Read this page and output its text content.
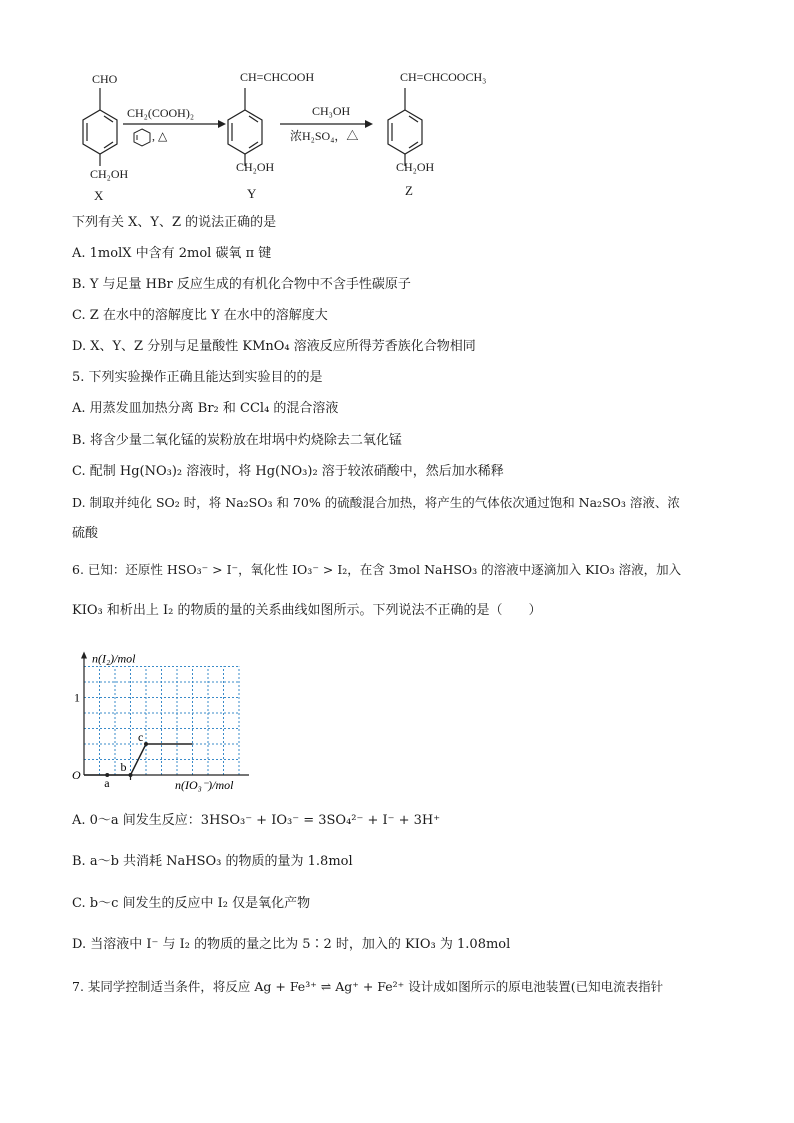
CHO
CH₂OH
X
CH₂(COOH)₂
, △
CH=CHCOOH
CH₂OH
Y
CH₃OH
浓H₂SO₄，△
CH=CHCOOCH₃
CH₂OH
Z
下列有关 X、Y、Z 的说法正确的是
A. 1molX 中含有 2mol 碳氧 π 键
B. Y 与足量 HBr 反应生成的有机化合物中不含手性碳原子
C. Z 在水中的溶解度比 Y 在水中的溶解度大
D. X、Y、Z 分别与足量酸性 KMnO₄ 溶液反应所得芳香族化合物相同
5. 下列实验操作正确且能达到实验目的的是
A. 用蒸发皿加热分离 Br₂ 和 CCl₄ 的混合溶液
B. 将含少量二氧化锰的炭粉放在坩埚中灼烧除去二氧化锰
C. 配制 Hg(NO₃)₂ 溶液时，将 Hg(NO₃)₂ 溶于较浓硝酸中，然后加水稀释
D. 制取并纯化 SO₂ 时，将 Na₂SO₃ 和 70% 的硫酸混合加热，将产生的气体依次通过饱和 Na₂SO₃ 溶液、浓
硫酸
6. 已知：还原性 HSO₃⁻ > I⁻，氧化性 IO₃⁻ > I₂，在含 3mol NaHSO₃ 的溶液中逐滴加入 KIO₃ 溶液，加入
KIO₃ 和析出上 I₂ 的物质的量的关系曲线如图所示。下列说法不正确的是（　　）
n(I₂)/mol
n(IO₃⁻)/mol
O
1
a
b
c
A. 0～a 间发生反应：3HSO₃⁻ + IO₃⁻ = 3SO₄²⁻ + I⁻ + 3H⁺
B. a～b 共消耗 NaHSO₃ 的物质的量为 1.8mol
C. b～c 间发生的反应中 I₂ 仅是氧化产物
D. 当溶液中 I⁻ 与 I₂ 的物质的量之比为 5∶2 时，加入的 KIO₃ 为 1.08mol
7. 某同学控制适当条件，将反应 Ag + Fe³⁺ ⇌ Ag⁺ + Fe²⁺ 设计成如图所示的原电池装置(已知电流表指针
